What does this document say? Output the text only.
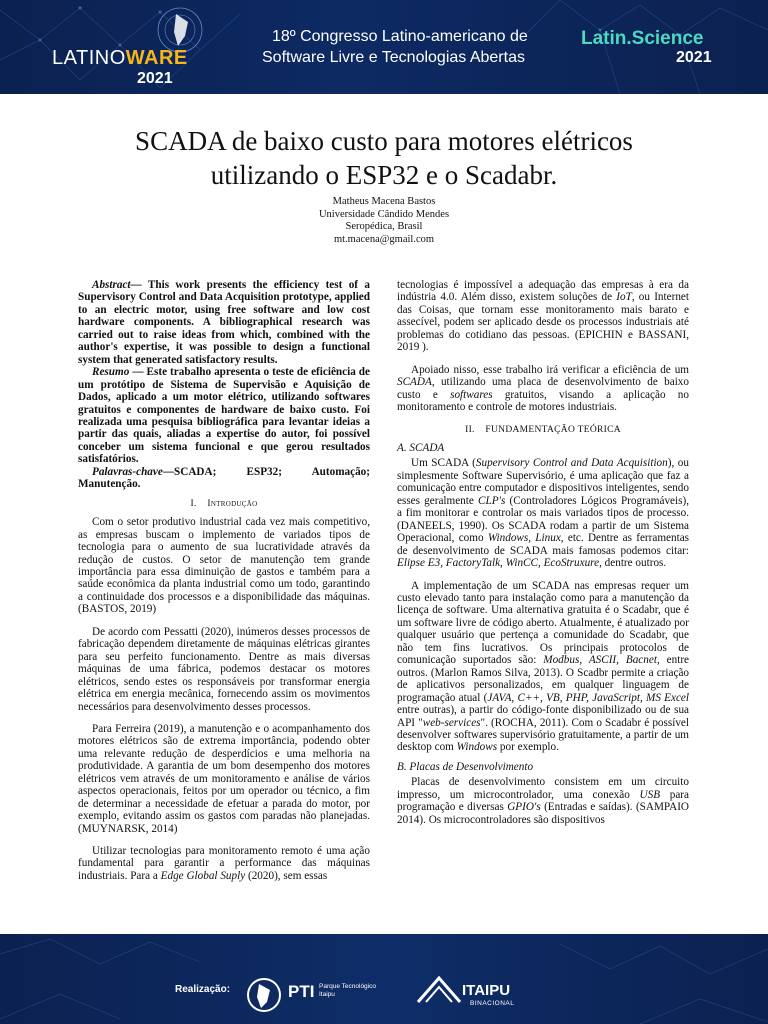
LATINOWARE
2021
18º Congresso Latino-americano de
Software Livre e Tecnologias Abertas
Latin.Science
2021
SCADA de baixo custo para motores elétricos
utilizando o ESP32 e o Scadabr.
Matheus Macena Bastos
Universidade Cândido Mendes
Seropédica, Brasil
mt.macena@gmail.com

Abstract— This work presents the efficiency test of a Supervisory Control and Data Acquisition prototype, applied to an electric motor, using free software and low cost hardware components. A bibliographical research was carried out to raise ideas from which, combined with the author's expertise, it was possible to design a functional system that generated satisfactory results.

Resumo — Este trabalho apresenta o teste de eficiência de um protótipo de Sistema de Supervisão e Aquisição de Dados, aplicado a um motor elétrico, utilizando softwares gratuitos e componentes de hardware de baixo custo. Foi realizada uma pesquisa bibliográfica para levantar ideias a partir das quais, aliadas a expertise do autor, foi possível conceber um sistema funcional e que gerou resultados satisfatórios.

Palavras-chave—SCADA; ESP32; Automação; Manutenção.

I. Introdução

Com o setor produtivo industrial cada vez mais competitivo, as empresas buscam o implemento de variados tipos de tecnologia para o aumento de sua lucratividade através da redução de custos. O setor de manutenção tem grande importância para essa diminuição de gastos e também para a saúde econômica da planta industrial como um todo, garantindo a continuidade dos processos e a disponibilidade das máquinas. (BASTOS, 2019)

De acordo com Pessatti (2020), inúmeros desses processos de fabricação dependem diretamente de máquinas elétricas girantes para seu perfeito funcionamento. Dentre as mais diversas máquinas de uma fábrica, podemos destacar os motores elétricos, sendo estes os responsáveis por transformar energia elétrica em energia mecânica, fornecendo assim os movimentos necessários para desenvolvimento desses processos.

Para Ferreira (2019), a manutenção e o acompanhamento dos motores elétricos são de extrema importância, podendo obter uma relevante redução de desperdícios e uma melhoria na produtividade. A garantia de um bom desempenho dos motores elétricos vem através de um monitoramento e análise de vários aspectos operacionais, feitos por um operador ou técnico, a fim de determinar a necessidade de efetuar a parada do motor, por exemplo, evitando assim os gastos com paradas não planejadas. (MUYNARSK, 2014)

Utilizar tecnologias para monitoramento remoto é uma ação fundamental para garantir a performance das máquinas industriais. Para a Edge Global Suply (2020), sem essas

tecnologias é impossível a adequação das empresas à era da indústria 4.0. Além disso, existem soluções de IoT, ou Internet das Coisas, que tornam esse monitoramento mais barato e assecível, podem ser aplicado desde os processos industriais até problemas do cotidiano das pessoas. (EPICHIN e BASSANI, 2019 ).

Apoiado nisso, esse trabalho irá verificar a eficiência de um SCADA, utilizando uma placa de desenvolvimento de baixo custo e softwares gratuitos, visando a aplicação no monitoramento e controle de motores industriais.

II. FUNDAMENTAÇÃO TEÓRICA
A. SCADA

Um SCADA (Supervisory Control and Data Acquisition), ou simplesmente Software Supervisório, é uma aplicação que faz a comunicação entre computador e dispositivos inteligentes, sendo esses geralmente CLP's (Controladores Lógicos Programáveis), a fim monitorar e controlar os mais variados tipos de processo. (DANEELS, 1990). Os SCADA rodam a partir de um Sistema Operacional, como Windows, Linux, etc. Dentre as ferramentas de desenvolvimento de SCADA mais famosas podemos citar: Elipse E3, FactoryTalk, WinCC, EcoStruxure, dentre outros.

A implementação de um SCADA nas empresas requer um custo elevado tanto para instalação como para a manutenção da licença de software. Uma alternativa gratuita é o Scadabr, que é um software livre de código aberto. Atualmente, é atualizado por qualquer usuário que pertença a comunidade do Scadabr, que não tem fins lucrativos. Os principais protocolos de comunicação suportados são: Modbus, ASCII, Bacnet, entre outros. (Marlon Ramos Silva, 2013). O Scadbr permite a criação de aplicativos personalizados, em qualquer linguagem de programação atual (JAVA, C++, VB, PHP, JavaScript, MS Excel entre outras), a partir do código-fonte disponibilizado ou de sua API "web-services". (ROCHA, 2011). Com o Scadabr é possível desenvolver softwares supervisório gratuitamente, a partir de um desktop com Windows por exemplo.

B. Placas de Desenvolvimento

Placas de desenvolvimento consistem em um circuito impresso, um microcontrolador, uma conexão USB para programação e diversas GPIO's (Entradas e saídas). (SAMPAIO 2014). Os microcontroladores são dispositivos

Realização:	PTI Parque Tecnológico
Itaipu	ITAIPU
BINACIONAL
